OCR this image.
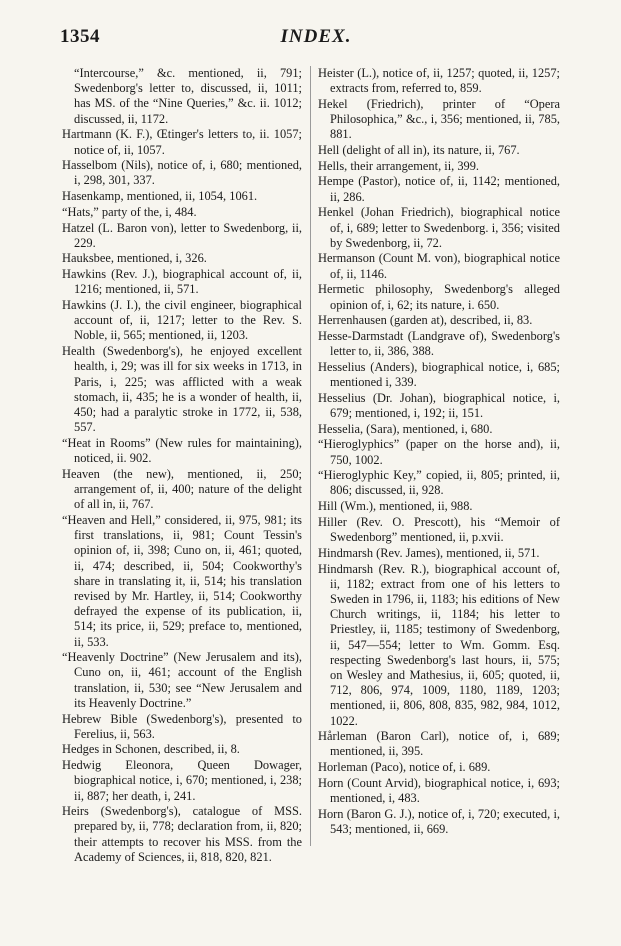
1354	INDEX.

“Intercourse,” &c. mentioned, ii, 791; Swedenborg's letter to, discussed, ii, 1011; has MS. of the “Nine Queries,” &c. ii. 1012; discussed, ii, 1172.

Hartmann (K. F.), Œtinger's letters to, ii. 1057; notice of, ii, 1057.

Hasselbom (Nils), notice of, i, 680; mentioned, i, 298, 301, 337.

Hasenkamp, mentioned, ii, 1054, 1061.

“Hats,” party of the, i, 484.

Hatzel (L. Baron von), letter to Swedenborg, ii, 229.

Hauksbee, mentioned, i, 326.

Hawkins (Rev. J.), biographical account of, ii, 1216; mentioned, ii, 571.

Hawkins (J. I.), the civil engineer, biographical account of, ii, 1217; letter to the Rev. S. Noble, ii, 565; mentioned, ii, 1203.

Health (Swedenborg's), he enjoyed excellent health, i, 29; was ill for six weeks in 1713, in Paris, i, 225; was afflicted with a weak stomach, ii, 435; he is a wonder of health, ii, 450; had a paralytic stroke in 1772, ii, 538, 557.

“Heat in Rooms” (New rules for maintaining), noticed, ii. 902.

Heaven (the new), mentioned, ii, 250; arrangement of, ii, 400; nature of the delight of all in, ii, 767.

“Heaven and Hell,” considered, ii, 975, 981; its first translations, ii, 981; Count Tessin's opinion of, ii, 398; Cuno on, ii, 461; quoted, ii, 474; described, ii, 504; Cookworthy's share in translating it, ii, 514; his translation revised by Mr. Hartley, ii, 514; Cookworthy defrayed the expense of its publication, ii, 514; its price, ii, 529; preface to, mentioned, ii, 533.

“Heavenly Doctrine” (New Jerusalem and its), Cuno on, ii, 461; account of the English translation, ii, 530; see “New Jerusalem and its Heavenly Doctrine.”

Hebrew Bible (Swedenborg's), presented to Ferelius, ii, 563.

Hedges in Schonen, described, ii, 8.

Hedwig Eleonora, Queen Dowager, biographical notice, i, 670; mentioned, i, 238; ii, 887; her death, i, 241.

Heirs (Swedenborg's), catalogue of MSS. prepared by, ii, 778; declaration from, ii, 820; their attempts to recover his MSS. from the Academy of Sciences, ii, 818, 820, 821.

Heister (L.), notice of, ii, 1257; quoted, ii, 1257; extracts from, referred to, 859.

Hekel (Friedrich), printer of “Opera Philosophica,” &c., i, 356; mentioned, ii, 785, 881.

Hell (delight of all in), its nature, ii, 767.

Hells, their arrangement, ii, 399.

Hempe (Pastor), notice of, ii, 1142; mentioned, ii, 286.

Henkel (Johan Friedrich), biographical notice of, i, 689; letter to Swedenborg. i, 356; visited by Swedenborg, ii, 72.

Hermanson (Count M. von), biographical notice of, ii, 1146.

Hermetic philosophy, Swedenborg's alleged opinion of, i, 62; its nature, i. 650.

Herrenhausen (garden at), described, ii, 83.

Hesse-Darmstadt (Landgrave of), Swedenborg's letter to, ii, 386, 388.

Hesselius (Anders), biographical notice, i, 685; mentioned i, 339.

Hesselius (Dr. Johan), biographical notice, i, 679; mentioned, i, 192; ii, 151.

Hesselia, (Sara), mentioned, i, 680.

“Hieroglyphics” (paper on the horse and), ii, 750, 1002.

“Hieroglyphic Key,” copied, ii, 805; printed, ii, 806; discussed, ii, 928.

Hill (Wm.), mentioned, ii, 988.

Hiller (Rev. O. Prescott), his “Memoir of Swedenborg” mentioned, ii, p.xvii.

Hindmarsh (Rev. James), mentioned, ii, 571.

Hindmarsh (Rev. R.), biographical account of, ii, 1182; extract from one of his letters to Sweden in 1796, ii, 1183; his editions of New Church writings, ii, 1184; his letter to Priestley, ii, 1185; testimony of Swedenborg, ii, 547—554; letter to Wm. Gomm. Esq. respecting Swedenborg's last hours, ii, 575; on Wesley and Mathesius, ii, 605; quoted, ii, 712, 806, 974, 1009, 1180, 1189, 1203; mentioned, ii, 806, 808, 835, 982, 984, 1012, 1022.

Hårleman (Baron Carl), notice of, i, 689; mentioned, ii, 395.

Horleman (Paco), notice of, i. 689.

Horn (Count Arvid), biographical notice, i, 693; mentioned, i, 483.

Horn (Baron G. J.), notice of, i, 720; executed, i, 543; mentioned, ii, 669.
